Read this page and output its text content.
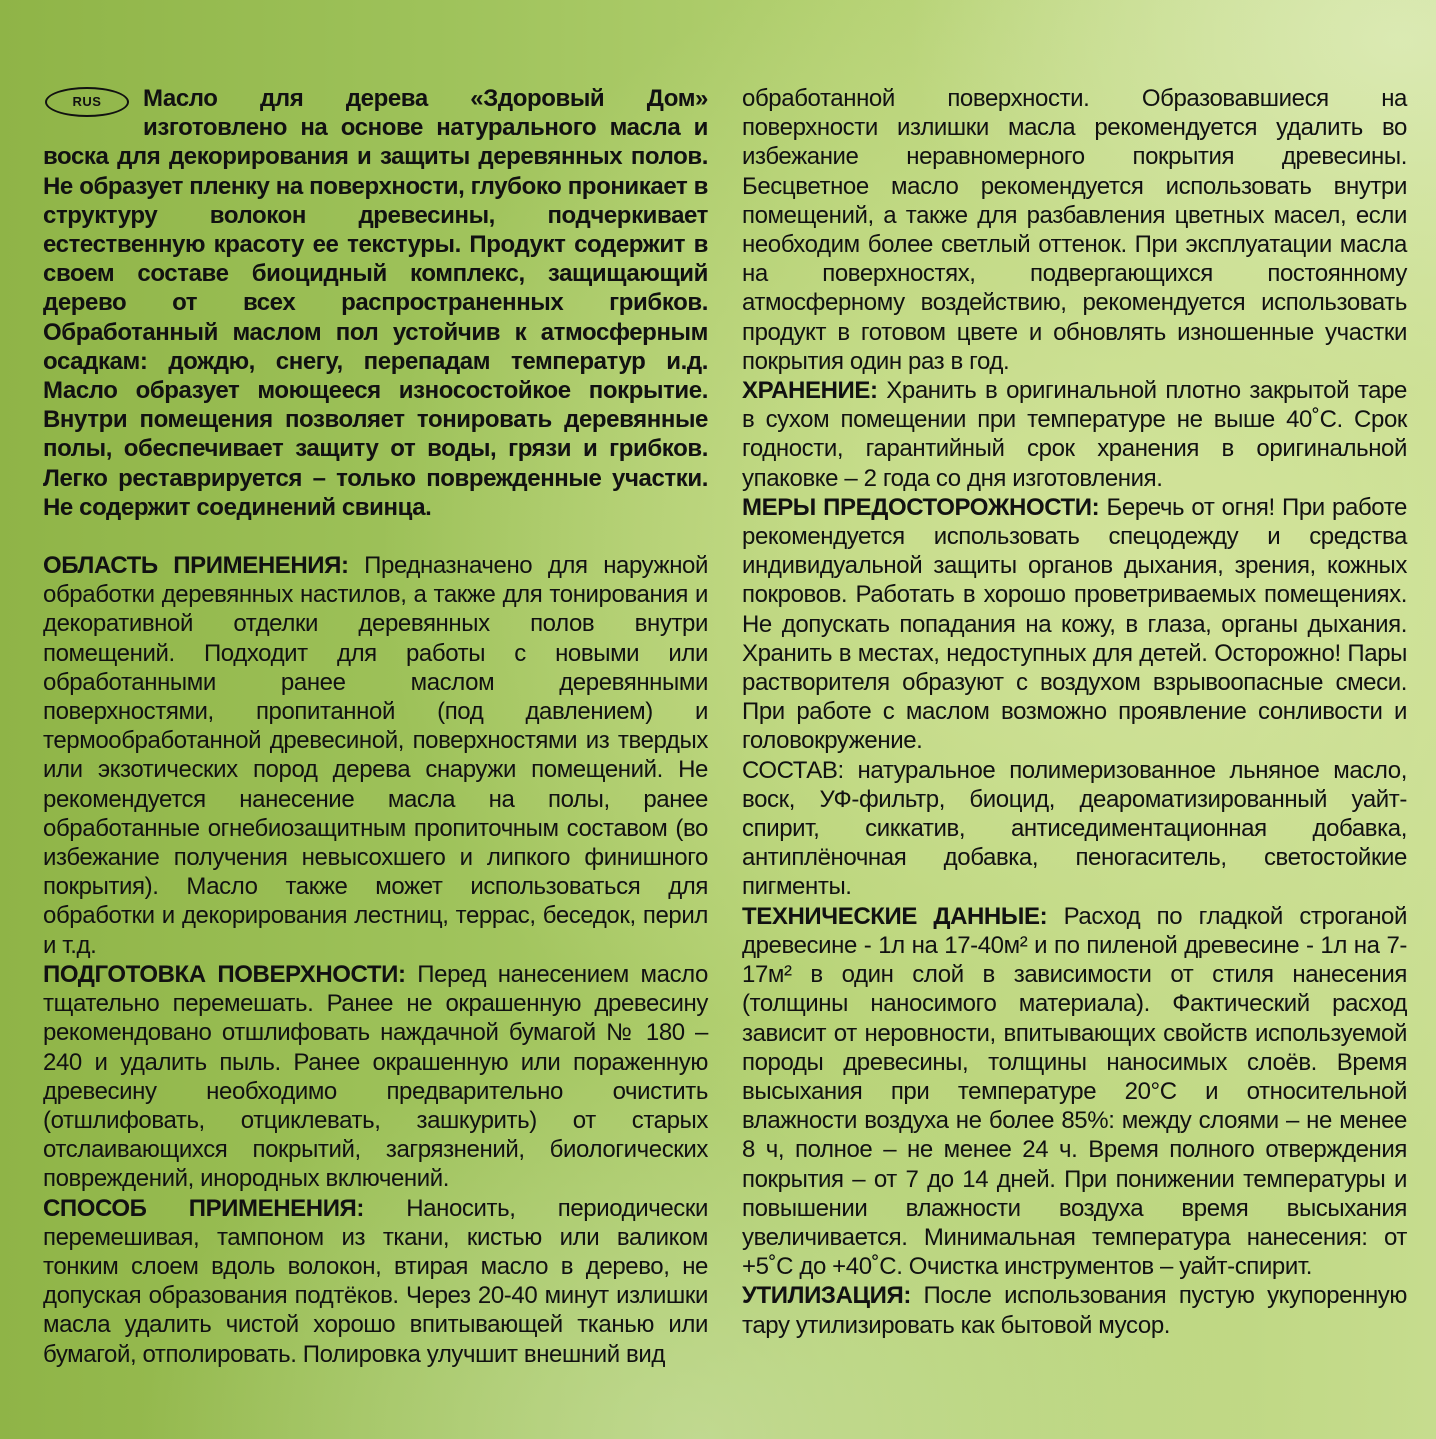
RUS	Масло для дерева «Здоровый Дом» изготовлено на основе натурального масла и воска для декорирования и защиты деревянных полов. Не образует пленку на поверхности, глубоко проникает в структуру волокон древесины, подчеркивает естественную красоту ее текстуры. Продукт содержит в своем составе биоцидный комплекс, защищающий дерево от всех распространенных грибков. Обработанный маслом пол устойчив к атмосферным осадкам: дождю, снегу, перепадам температур и.д. Масло образует моющееся износостойкое покрытие. Внутри помещения позволяет тонировать деревянные полы, обеспечивает защиту от воды, грязи и грибков. Легко реставрируется – только поврежденные участки. Не содержит соединений свинца.

ОБЛАСТЬ ПРИМЕНЕНИЯ: Предназначено для наружной обработки деревянных настилов, а также для тонирования и декоративной отделки деревянных полов внутри помещений. Подходит для работы с новыми или обработанными ранее маслом деревянными поверхностями, пропитанной (под давлением) и термообработанной древесиной, поверхностями из твердых или экзотических пород дерева снаружи помещений. Не рекомендуется нанесение масла на полы, ранее обработанные огнебиозащитным пропиточным составом (во избежание получения невысохшего и липкого финишного покрытия). Масло также может использоваться для обработки и декорирования лестниц, террас, беседок, перил и т.д.

ПОДГОТОВКА ПОВЕРХНОСТИ: Перед нанесением масло тщательно перемешать. Ранее не окрашенную древесину рекомендовано отшлифовать наждачной бумагой № 180 – 240 и удалить пыль. Ранее окрашенную или пораженную древесину необходимо предварительно очистить (отшлифовать, отциклевать, зашкурить) от старых отслаивающихся покрытий, загрязнений, биологических повреждений, инородных включений.

СПОСОБ ПРИМЕНЕНИЯ: Наносить, периодически перемешивая, тампоном из ткани, кистью или валиком тонким слоем вдоль волокон, втирая масло в дерево, не допуская образования подтёков. Через 20-40 минут излишки масла удалить чистой хорошо впитывающей тканью или бумагой, отполировать. Полировка улучшит внешний вид

обработанной поверхности. Образовавшиеся на поверхности излишки масла рекомендуется удалить во избежание неравномерного покрытия древесины. Бесцветное масло рекомендуется использовать внутри помещений, а также для разбавления цветных масел, если необходим более светлый оттенок. При эксплуатации масла на поверхностях, подвергающихся постоянному атмосферному воздействию, рекомендуется использовать продукт в готовом цвете и обновлять изношенные участки покрытия один раз в год.

ХРАНЕНИЕ: Хранить в оригинальной плотно закрытой таре в сухом помещении при температуре не выше 40˚С. Срок годности, гарантийный срок хранения в оригинальной упаковке – 2 года со дня изготовления.

МЕРЫ ПРЕДОСТОРОЖНОСТИ: Беречь от огня! При работе рекомендуется использовать спецодежду и средства индивидуальной защиты органов дыхания, зрения, кожных покровов. Работать в хорошо проветриваемых помещениях. Не допускать попадания на кожу, в глаза, органы дыхания. Хранить в местах, недоступных для детей. Осторожно! Пары растворителя образуют с воздухом взрывоопасные смеси. При работе с маслом возможно проявление сонливости и головокружение.

СОСТАВ: натуральное полимеризованное льняное масло, воск, УФ-фильтр, биоцид, деароматизированный уайт-спирит, сиккатив, антиседиментационная добавка, антиплёночная добавка, пеногаситель, светостойкие пигменты.

ТЕХНИЧЕСКИЕ ДАННЫЕ: Расход по гладкой строганой древесине - 1л на 17-40м² и по пиленой древесине - 1л на 7-17м² в один слой в зависимости от стиля нанесения (толщины наносимого материала). Фактический расход зависит от неровности, впитывающих свойств используемой породы древесины, толщины наносимых слоёв. Время высыхания при температуре 20°С и относительной влажности воздуха не более 85%: между слоями – не менее 8 ч, полное – не менее 24 ч. Время полного отверждения покрытия – от 7 до 14 дней. При понижении температуры и повышении влажности воздуха время высыхания увеличивается. Минимальная температура нанесения: от +5˚С до +40˚С. Очистка инструментов – уайт-спирит.

УТИЛИЗАЦИЯ: После использования пустую укупоренную тару утилизировать как бытовой мусор.
